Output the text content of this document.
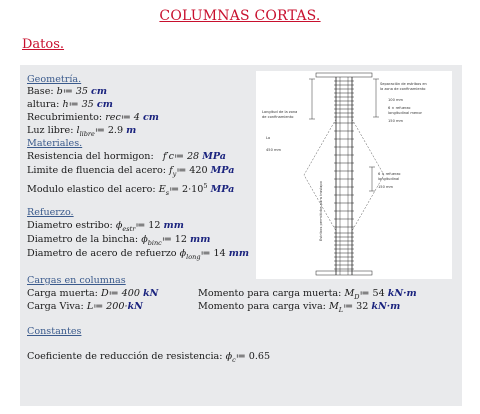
COLUMNAS CORTAS.
Datos.
Geometría.
Base: b≔ 35 cm
altura: h≔ 35 cm
Recubrimiento: rec≔ 4 cm
Luz libre: $l_{libre}≔$ 2.9 m
Materiales.
Resistencia del hormigon: f′c≔ 28 MPa
Limite de fluencia del acero: $f_y≔$ 420 MPa
Modulo elastico del acero: $E_s≔$ $2\cdot 10^5$ MPa
Refuerzo.
Diametro estribo: $\phi_{estr}≔$ 12 mm
Diametro de la bincha: $\phi_{binc}≔$ 12 mm
Diametro de acero de refuerzo $\phi_{long}≔$ 14 mm
Cargas en columnas
Carga muerta: D≔ 400 kN	Momento para carga muerta: $M_D≔$ 54 kN·m
Carga Viva: L≔ 200·kN	Momento para carga viva: $M_L≔$ 32 kN·m
Constantes
Coeficiente de reducción de resistencia: $\phi_c≔$ 0.65
Longitud de la zona
de confinamiento
Lo
450 mm
Separación de estribos en
la zona de confinamiento
100 mm
6 × refuerzo
longitudinal menor
150 mm
6 × refuerzo
longitudinal
150 mm
Estribos permitidos para traslapo
